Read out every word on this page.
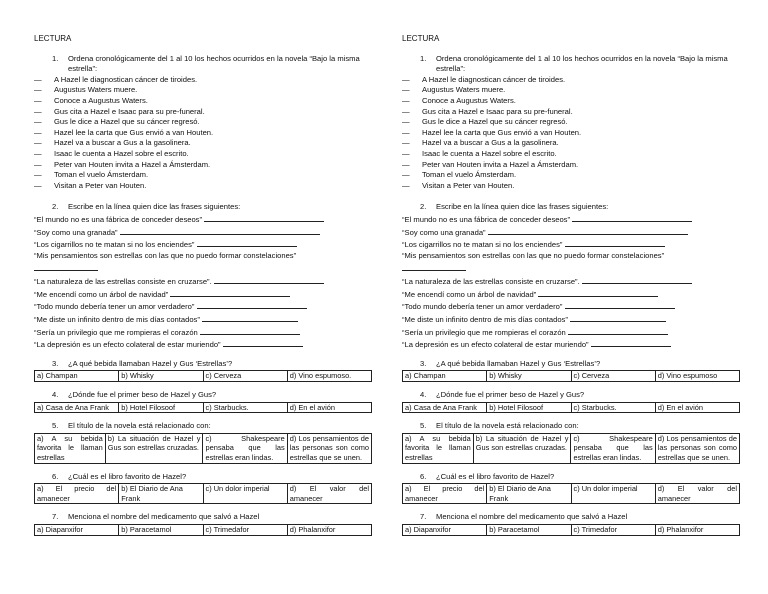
LECTURA
1.	Ordena cronológicamente del 1 al 10 los hechos ocurridos en la novela “Bajo la misma estrella”:
—	A Hazel le diagnostican cáncer de tiroides.
—	Augustus Waters muere.
—	Conoce a Augustus Waters.
—	Gus cita a Hazel e Isaac para su pre-funeral.
—	Gus le dice a Hazel que su cáncer regresó.
—	Hazel lee la carta que Gus envió a van Houten.
—	Hazel va a buscar a Gus a la gasolinera.
—	Isaac le cuenta a Hazel sobre el escrito.
—	Peter van Houten invita a Hazel a Ámsterdam.
—	Toman el vuelo Ámsterdam.
—	Visitan a Peter van Houten.
2.	Escribe en la línea quien dice las frases siguientes:
“El mundo no es una fábrica de conceder deseos”
“Soy como una granada”
“Los cigarrillos no te matan si no los enciendes”
“Mis pensamientos son estrellas con las que no puedo formar constelaciones”
“La naturaleza de las estrellas consiste en cruzarse”.
“Me encendí como un árbol de navidad”
“Todo mundo debería tener un amor verdadero”
“Me diste un infinito dentro de mis días contados”
“Sería un privilegio que me rompieras el corazón
“La depresión es un efecto colateral de estar muriendo”
3.	¿A qué bebida llamaban Hazel y Gus ‘Estrellas’?
a) Champan	b) Whisky	c) Cerveza	d) Vino espumoso.
4.	¿Dónde fue el primer beso de Hazel y Gus?
a) Casa de Ana Frank	b) Hotel Filosoof	c) Starbucks.	d) En el avión
5.	El título de la novela está relacionado con:
a) A su bebida favorita le llaman estrellas	b) La situación de Hazel y Gus son estrellas cruzadas.	c) Shakespeare pensaba que las estrellas eran lindas.	d) Los pensamientos de las personas son como estrellas que se unen.
6.	¿Cuál es el libro favorito de Hazel?
a) El precio del amanecer	b) El Diario de Ana Frank	c) Un dolor imperial	d) El valor del amanecer
7.	Menciona el nombre del medicamento que salvó a Hazel
a) Diapanxifor	b) Paracetamol	c) Trimedafor	d) Phalanxifor
LECTURA
1.	Ordena cronológicamente del 1 al 10 los hechos ocurridos en la novela “Bajo la misma estrella”:
—	A Hazel le diagnostican cáncer de tiroides.
—	Augustus Waters muere.
—	Conoce a Augustus Waters.
—	Gus cita a Hazel e Isaac para su pre-funeral.
—	Gus le dice a Hazel que su cáncer regresó.
—	Hazel lee la carta que Gus envió a van Houten.
—	Hazel va a buscar a Gus a la gasolinera.
—	Isaac le cuenta a Hazel sobre el escrito.
—	Peter van Houten invita a Hazel a Ámsterdam.
—	Toman el vuelo Ámsterdam.
—	Visitan a Peter van Houten.
2.	Escribe en la línea quien dice las frases siguientes:
“El mundo no es una fábrica de conceder deseos”
“Soy como una granada”
“Los cigarrillos no te matan si no los enciendes”
“Mis pensamientos son estrellas con las que no puedo formar constelaciones”
“La naturaleza de las estrellas consiste en cruzarse”.
“Me encendí como un árbol de navidad”
“Todo mundo debería tener un amor verdadero”
“Me diste un infinito dentro de mis días contados”
“Sería un privilegio que me rompieras el corazón
“La depresión es un efecto colateral de estar muriendo”
3.	¿A qué bebida llamaban Hazel y Gus ‘Estrellas’?
a) Champan	b) Whisky	c) Cerveza	d) Vino espumoso
4.	¿Dónde fue el primer beso de Hazel y Gus?
a) Casa de Ana Frank	b) Hotel Filosoof	c) Starbucks.	d) En el avión
5.	El título de la novela está relacionado con:
a) A su bebida favorita le llaman estrellas	b) La situación de Hazel y Gus son estrellas cruzadas.	c) Shakespeare pensaba que las estrellas eran lindas.	d) Los pensamientos de las personas son como estrellas que se unen.
6.	¿Cuál es el libro favorito de Hazel?
a) El precio del amanecer	b) El Diario de Ana Frank	c) Un dolor imperial	d) El valor del amanecer
7.	Menciona el nombre del medicamento que salvó a Hazel
a) Diapanxifor	b) Paracetamol	c) Trimedafor	d) Phalanxifor
